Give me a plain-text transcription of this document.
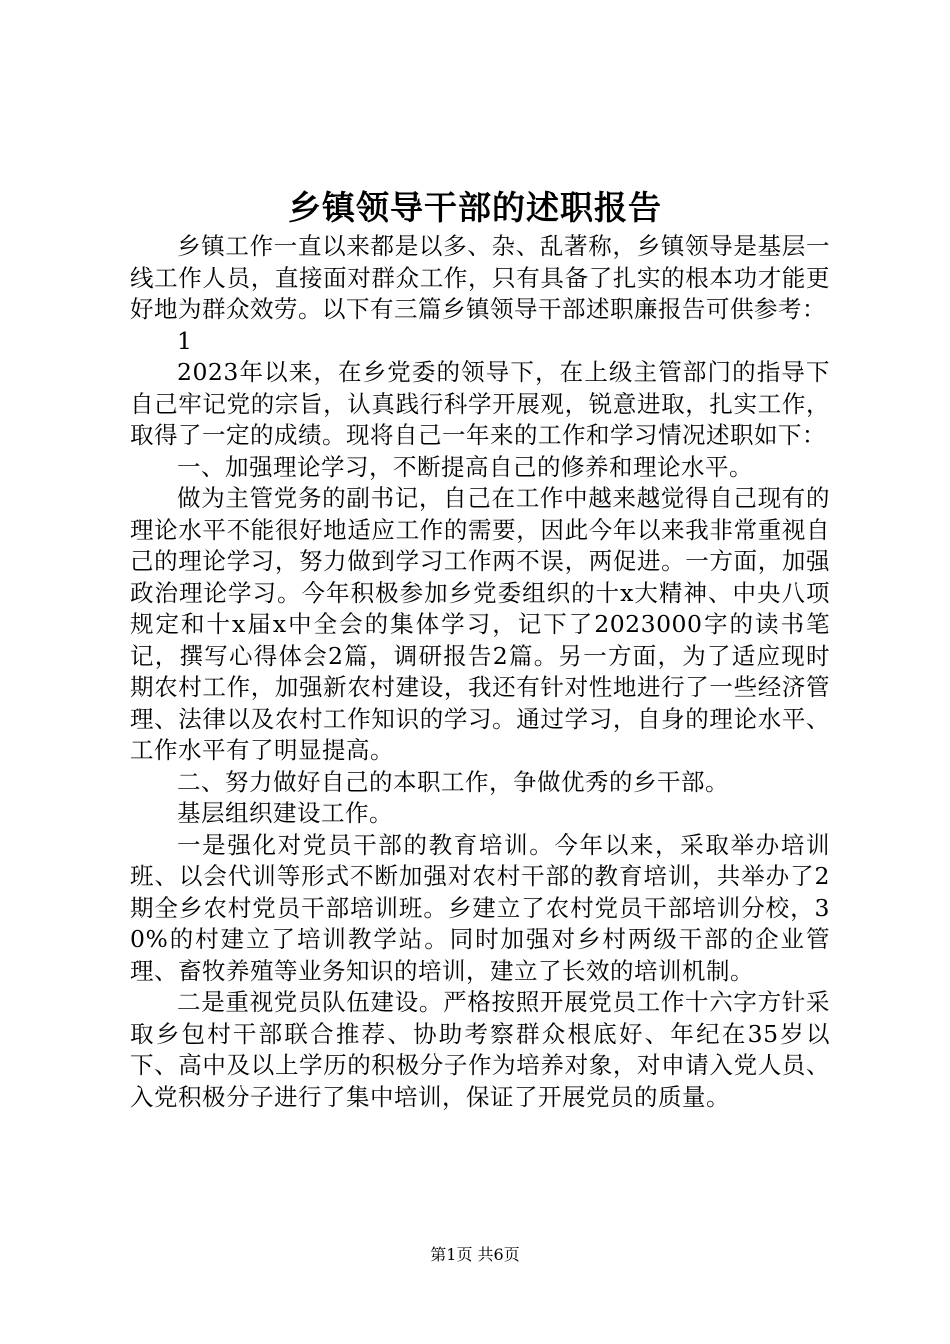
乡镇领导干部的述职报告

乡镇工作一直以来都是以多、杂、乱著称，乡镇领导是基层一线工作人员，直接面对群众工作，只有具备了扎实的根本功才能更好地为群众效劳。以下有三篇乡镇领导干部述职廉报告可供参考：

1

2023年以来，在乡党委的领导下，在上级主管部门的指导下自己牢记党的宗旨，认真践行科学开展观，锐意进取，扎实工作，取得了一定的成绩。现将自己一年来的工作和学习情况述职如下：

一、加强理论学习，不断提高自己的修养和理论水平。

做为主管党务的副书记，自己在工作中越来越觉得自己现有的理论水平不能很好地适应工作的需要，因此今年以来我非常重视自己的理论学习，努力做到学习工作两不误，两促进。一方面，加强政治理论学习。今年积极参加乡党委组织的十x大精神、中央八项规定和十x届x中全会的集体学习，记下了2023000字的读书笔记，撰写心得体会2篇，调研报告2篇。另一方面，为了适应现时期农村工作，加强新农村建设，我还有针对性地进行了一些经济管理、法律以及农村工作知识的学习。通过学习，自身的理论水平、工作水平有了明显提高。

二、努力做好自己的本职工作，争做优秀的乡干部。

基层组织建设工作。

一是强化对党员干部的教育培训。今年以来，采取举办培训班、以会代训等形式不断加强对农村干部的教育培训，共举办了2期全乡农村党员干部培训班。乡建立了农村党员干部培训分校，30%的村建立了培训教学站。同时加强对乡村两级干部的企业管理、畜牧养殖等业务知识的培训，建立了长效的培训机制。

二是重视党员队伍建设。严格按照开展党员工作十六字方针采取乡包村干部联合推荐、协助考察群众根底好、年纪在35岁以下、高中及以上学历的积极分子作为培养对象，对申请入党人员、入党积极分子进行了集中培训，保证了开展党员的质量。

第1页 共6页
